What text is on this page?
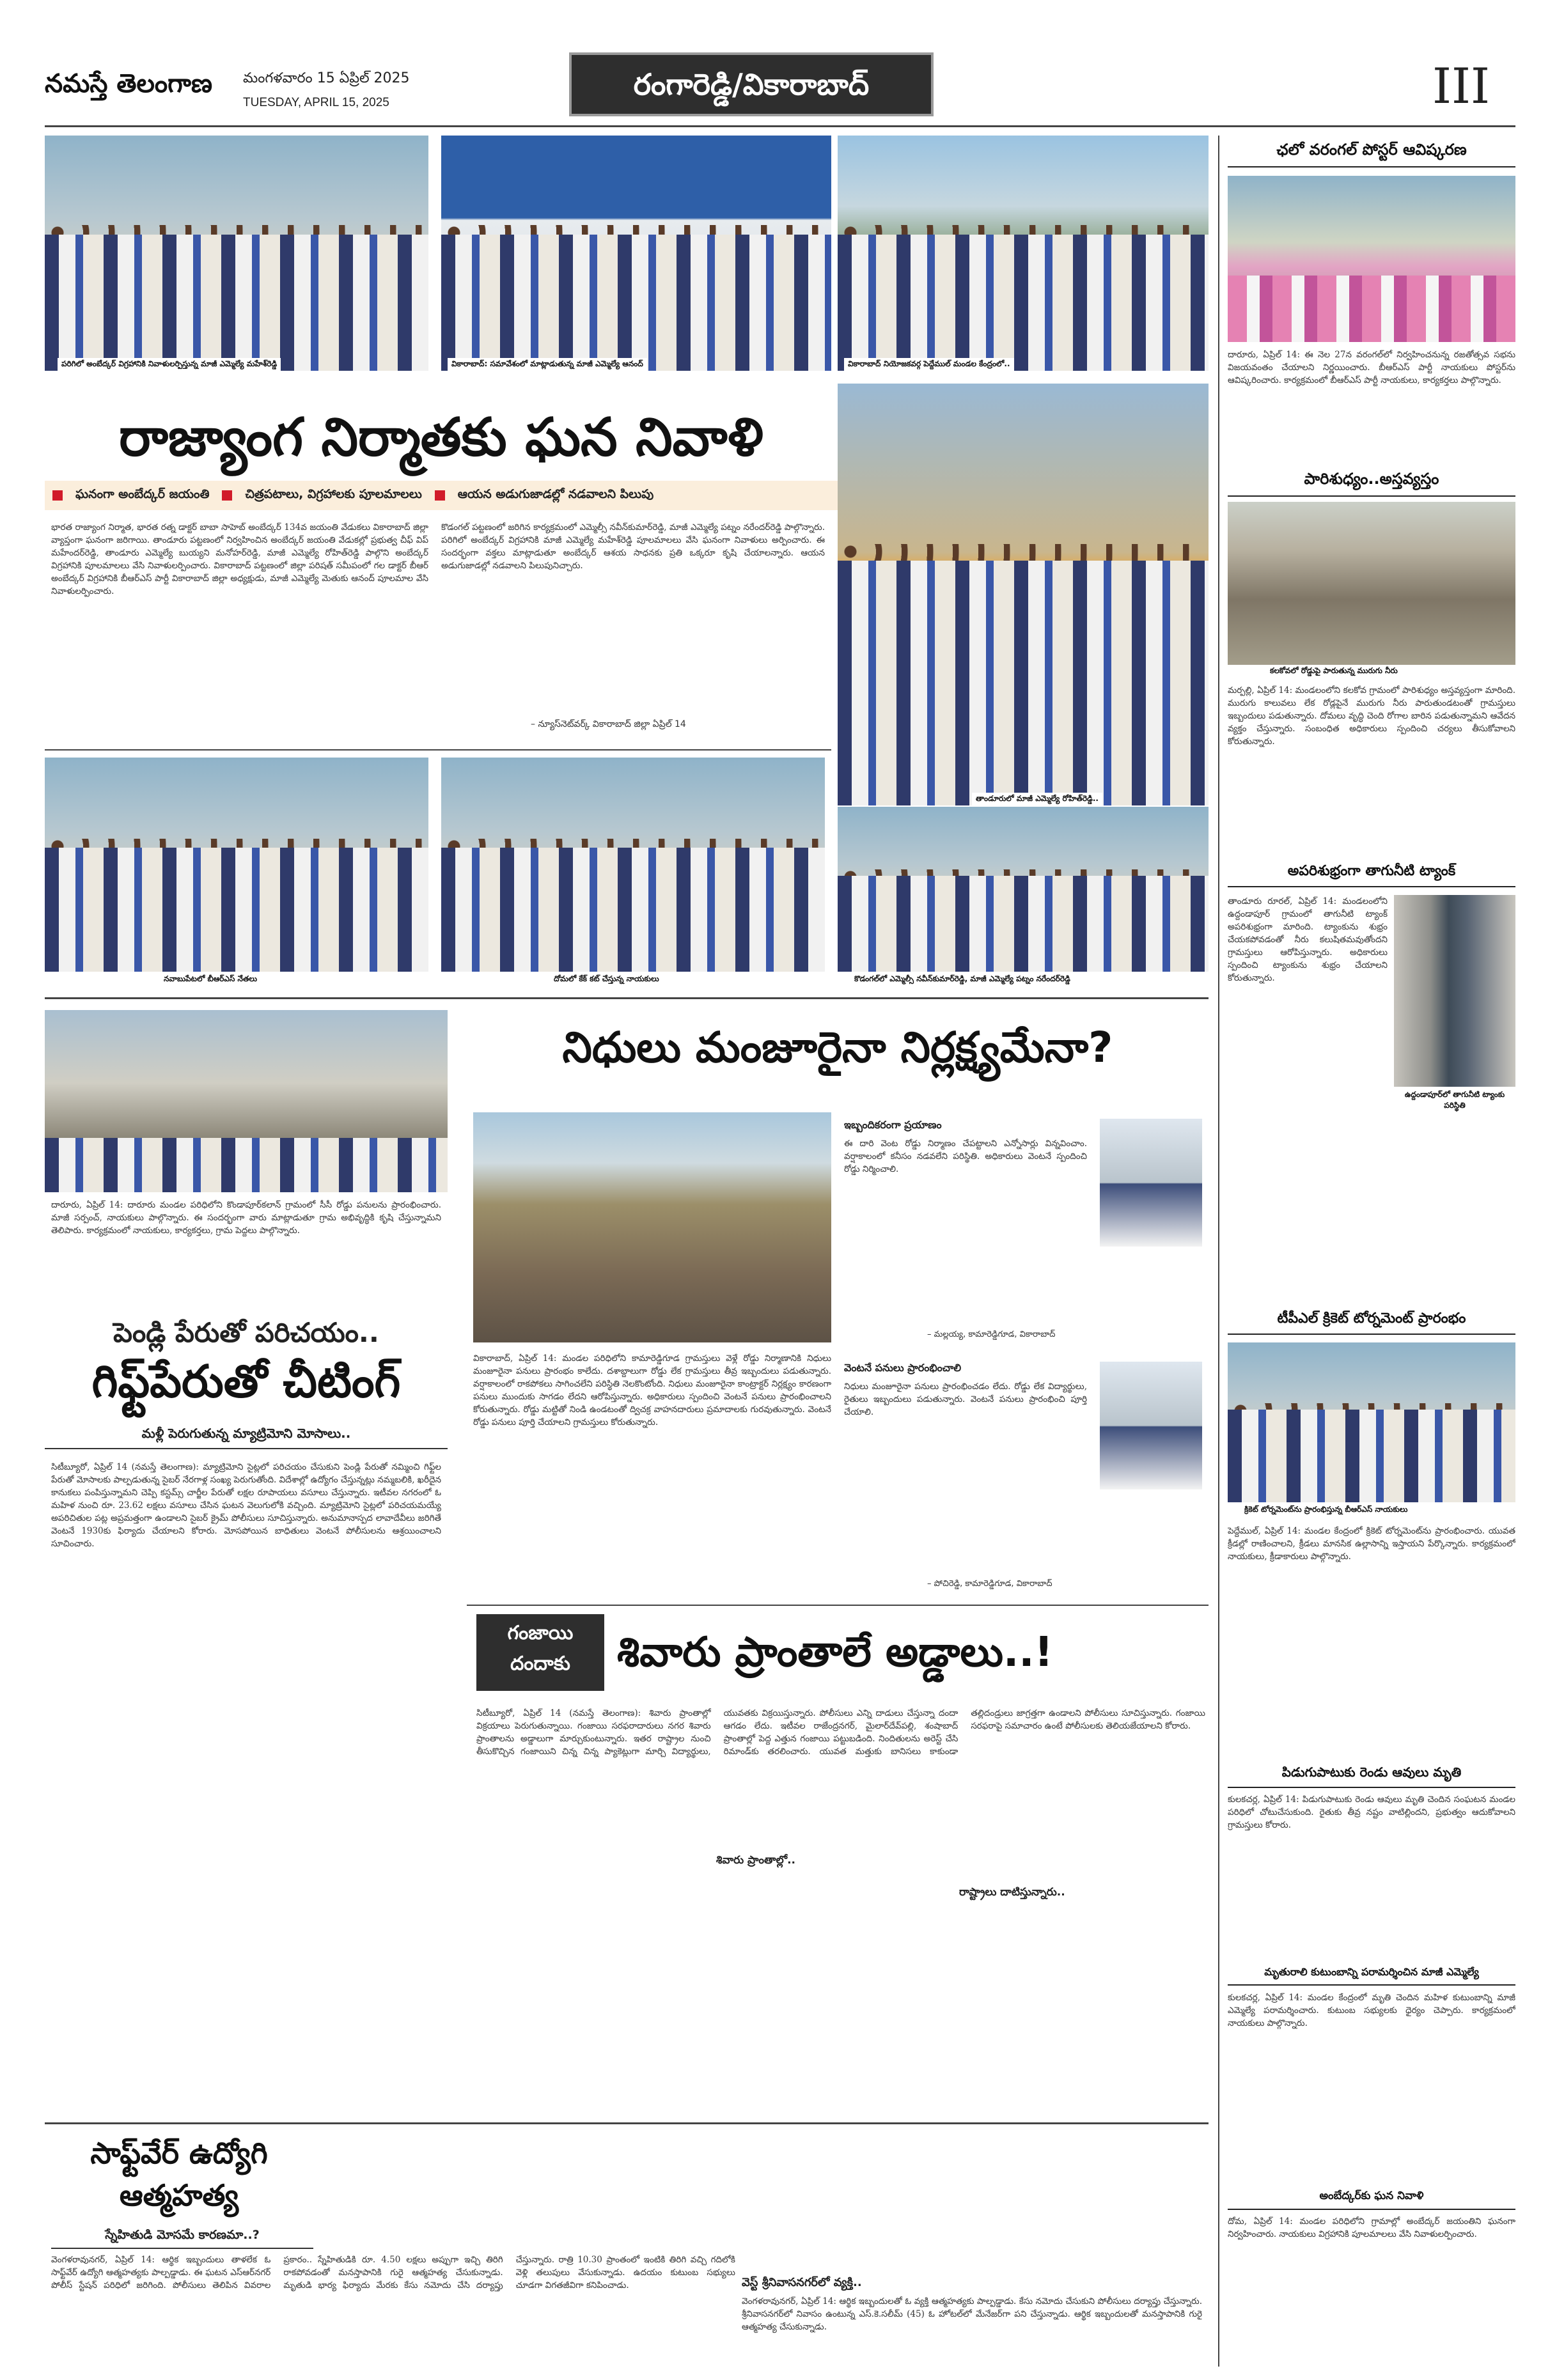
నమస్తే తెలంగాణ మంగళవారం 15 ఏప్రిల్ 2025
TUESDAY, APRIL 15, 2025
రంగారెడ్డి/వికారాబాద్	III
పరిగిలో అంబేద్కర్ విగ్రహానికి నివాళులర్పిస్తున్న మాజీ ఎమ్మెల్యే మహేశ్‌రెడ్డి	వికారాబాద్: సమావేశంలో మాట్లాడుతున్న మాజీ ఎమ్మెల్యే ఆనంద్	వికారాబాద్ నియోజకవర్గ పెద్దేముల్ మండల కేంద్రంలో..
రాజ్యాంగ నిర్మాతకు ఘన నివాళి
ఘనంగా అంబేద్కర్ జయంతి	చిత్రపటాలు, విగ్రహాలకు పూలమాలలు	ఆయన అడుగుజాడల్లో నడవాలని పిలుపు
భారత రాజ్యాంగ నిర్మాత, భారత రత్న డాక్టర్ బాబా సాహెబ్ అంబేద్కర్ 134వ జయంతి వేడుకలు వికారాబాద్ జిల్లా వ్యాప్తంగా ఘనంగా జరిగాయి. తాండూరు పట్టణంలో నిర్వహించిన అంబేద్కర్ జయంతి వేడుకల్లో ప్రభుత్వ చీఫ్ విప్ మహేందర్‌రెడ్డి, తాండూరు ఎమ్మెల్యే బుయ్యని మనోహర్‌రెడ్డి, మాజీ ఎమ్మెల్యే రోహిత్‌రెడ్డి పాల్గొని అంబేద్కర్ విగ్రహానికి పూలమాలలు వేసి నివాళులర్పించారు. వికారాబాద్ పట్టణంలో జిల్లా పరిషత్ సమీపంలో గల డాక్టర్ బీఆర్ అంబేద్కర్ విగ్రహానికి బీఆర్‌ఎస్ పార్టీ వికారాబాద్ జిల్లా అధ్యక్షుడు, మాజీ ఎమ్మెల్యే మెతుకు ఆనంద్ పూలమాల వేసి నివాళులర్పించారు.
కొడంగల్ పట్టణంలో జరిగిన కార్యక్రమంలో ఎమ్మెల్సీ నవీన్‌కుమార్‌రెడ్డి, మాజీ ఎమ్మెల్యే పట్నం నరేందర్‌రెడ్డి పాల్గొన్నారు. పరిగిలో అంబేద్కర్ విగ్రహానికి మాజీ ఎమ్మెల్యే మహేశ్‌రెడ్డి పూలమాలలు వేసి ఘనంగా నివాళులు అర్పించారు. ఈ సందర్భంగా వక్తలు మాట్లాడుతూ అంబేద్కర్ ఆశయ సాధనకు ప్రతి ఒక్కరూ కృషి చేయాలన్నారు. ఆయన అడుగుజాడల్లో నడవాలని పిలుపునిచ్చారు.
– న్యూస్‌నెట్‌వర్క్ వికారాబాద్ జిల్లా ఏప్రిల్ 14
తాండూరులో మాజీ ఎమ్మెల్యే రోహిత్‌రెడ్డి..
నవాబుపేటలో బీఆర్‌ఎస్ నేతలు	దోమలో కేక్ కట్ చేస్తున్న నాయకులు	కొడంగల్‌లో ఎమ్మెల్సీ నవీన్‌కుమార్‌రెడ్డి, మాజీ ఎమ్మెల్యే పట్నం నరేందర్‌రెడ్డి
దారూరు, ఏప్రిల్ 14: దారూరు మండల పరిధిలోని కొండాపూర్‌కలాన్ గ్రామంలో సీసీ రోడ్డు పనులను ప్రారంభించారు. మాజీ సర్పంచ్, నాయకులు పాల్గొన్నారు. ఈ సందర్భంగా వారు మాట్లాడుతూ గ్రామ అభివృద్ధికి కృషి చేస్తున్నామని తెలిపారు. కార్యక్రమంలో నాయకులు, కార్యకర్తలు, గ్రామ పెద్దలు పాల్గొన్నారు.
పెండ్లి పేరుతో పరిచయం..
గిఫ్ట్‌పేరుతో చీటింగ్
మళ్లీ పెరుగుతున్న మ్యాట్రిమోని మోసాలు..
సిటీబ్యూరో, ఏప్రిల్ 14 (నమస్తే తెలంగాణ): మ్యాట్రిమోని సైట్లలో పరిచయం చేసుకుని పెండ్లి పేరుతో నమ్మించి గిఫ్ట్‌ల పేరుతో మోసాలకు పాల్పడుతున్న సైబర్ నేరగాళ్ల సంఖ్య పెరుగుతోంది. విదేశాల్లో ఉద్యోగం చేస్తున్నట్లు నమ్మబలికి, ఖరీదైన కానుకలు పంపిస్తున్నామని చెప్పి కస్టమ్స్ చార్జీల పేరుతో లక్షల రూపాయలు వసూలు చేస్తున్నారు. ఇటీవల నగరంలో ఓ మహిళ నుంచి రూ. 23.62 లక్షలు వసూలు చేసిన ఘటన వెలుగులోకి వచ్చింది. మ్యాట్రిమోని సైట్లలో పరిచయమయ్యే అపరిచితుల పట్ల అప్రమత్తంగా ఉండాలని సైబర్ క్రైమ్ పోలీసులు సూచిస్తున్నారు. అనుమానాస్పద లావాదేవీలు జరిగితే వెంటనే 1930కు ఫిర్యాదు చేయాలని కోరారు. మోసపోయిన బాధితులు వెంటనే పోలీసులను ఆశ్రయించాలని సూచించారు.
నిధులు మంజూరైనా నిర్లక్ష్యమేనా?
వికారాబాద్, ఏప్రిల్ 14: మండల పరిధిలోని కామారెడ్డిగూడ గ్రామస్తులు వెళ్లే రోడ్డు నిర్మాణానికి నిధులు మంజూరైనా పనులు ప్రారంభం కాలేదు. దశాబ్దాలుగా రోడ్డు లేక గ్రామస్తులు తీవ్ర ఇబ్బందులు పడుతున్నారు. వర్షాకాలంలో రాకపోకలు సాగించలేని పరిస్థితి నెలకొంటోంది. నిధులు మంజూరైనా కాంట్రాక్టర్ నిర్లక్ష్యం కారణంగా పనులు ముందుకు సాగడం లేదని ఆరోపిస్తున్నారు. అధికారులు స్పందించి వెంటనే పనులు ప్రారంభించాలని కోరుతున్నారు. రోడ్డు మట్టితో నిండి ఉండటంతో ద్విచక్ర వాహనదారులు ప్రమాదాలకు గురవుతున్నారు. వెంటనే రోడ్డు పనులు పూర్తి చేయాలని గ్రామస్తులు కోరుతున్నారు.
ఇబ్బందికరంగా ప్రయాణం
ఈ దారి వెంట రోడ్డు నిర్మాణం చేపట్టాలని ఎన్నోసార్లు విన్నవించాం. వర్షాకాలంలో కనీసం నడవలేని పరిస్థితి. అధికారులు వెంటనే స్పందించి రోడ్డు నిర్మించాలి.
– మల్లయ్య, కామారెడ్డిగూడ, వికారాబాద్
వెంటనే పనులు ప్రారంభించాలి
నిధులు మంజూరైనా పనులు ప్రారంభించడం లేదు. రోడ్డు లేక విద్యార్థులు, రైతులు ఇబ్బందులు పడుతున్నారు. వెంటనే పనులు ప్రారంభించి పూర్తి చేయాలి.
– పోచిరెడ్డి, కామారెడ్డిగూడ, వికారాబాద్
గంజాయి
దందాకు	శివారు ప్రాంతాలే అడ్డాలు..!
సిటీబ్యూరో, ఏప్రిల్ 14 (నమస్తే తెలంగాణ): శివారు ప్రాంతాల్లో విక్రయాలు పెరుగుతున్నాయి. గంజాయి సరఫరాదారులు నగర శివారు ప్రాంతాలను అడ్డాలుగా మార్చుకుంటున్నారు. ఇతర రాష్ట్రాల నుంచి తీసుకొచ్చిన గంజాయిని చిన్న చిన్న ప్యాకెట్లుగా మార్చి విద్యార్థులు, యువతకు విక్రయిస్తున్నారు. పోలీసులు ఎన్ని దాడులు చేస్తున్నా దందా ఆగడం లేదు. ఇటీవల రాజేంద్రనగర్, మైలార్‌దేవ్‌పల్లి, శంషాబాద్ ప్రాంతాల్లో పెద్ద ఎత్తున గంజాయి పట్టుబడింది. నిందితులను అరెస్ట్ చేసి రిమాండ్‌కు తరలించారు. యువత మత్తుకు బానిసలు కాకుండా తల్లిదండ్రులు జాగ్రత్తగా ఉండాలని పోలీసులు సూచిస్తున్నారు. గంజాయి సరఫరాపై సమాచారం ఉంటే పోలీసులకు తెలియజేయాలని కోరారు.
శివారు ప్రాంతాల్లో..
రాష్ట్రాలు దాటిస్తున్నారు..
సాఫ్ట్‌వేర్ ఉద్యోగి ఆత్మహత్య
స్నేహితుడి మోసమే కారణమా..?
వెంగళరావునగర్, ఏప్రిల్ 14: ఆర్థిక ఇబ్బందులు తాళలేక ఓ సాఫ్ట్‌వేర్ ఉద్యోగి ఆత్మహత్యకు పాల్పడ్డాడు. ఈ ఘటన ఎస్‌ఆర్‌నగర్ పోలీస్ స్టేషన్ పరిధిలో జరిగింది. పోలీసులు తెలిపిన వివరాల ప్రకారం.. స్నేహితుడికి రూ. 4.50 లక్షలు అప్పుగా ఇచ్చి తిరిగి రాకపోవడంతో మనస్తాపానికి గురై ఆత్మహత్య చేసుకున్నాడు. మృతుడి భార్య ఫిర్యాదు మేరకు కేసు నమోదు చేసి దర్యాప్తు చేస్తున్నారు. రాత్రి 10.30 ప్రాంతంలో ఇంటికి తిరిగి వచ్చి గదిలోకి వెళ్లి తలుపులు వేసుకున్నాడు. ఉదయం కుటుంబ సభ్యులు చూడగా విగతజీవిగా కనిపించాడు.	వెస్ట్ శ్రీనివాసనగర్‌లో వ్యక్తి..
వెంగళరావునగర్, ఏప్రిల్ 14: ఆర్థిక ఇబ్బందులతో ఓ వ్యక్తి ఆత్మహత్యకు పాల్పడ్డాడు. కేసు నమోదు చేసుకుని పోలీసులు దర్యాప్తు చేస్తున్నారు. శ్రీనివాసనగర్‌లో నివాసం ఉంటున్న ఎస్.కె.సలీమ్ (45) ఓ హోటల్‌లో మేనేజర్‌గా పని చేస్తున్నాడు. ఆర్థిక ఇబ్బందులతో మనస్తాపానికి గురై ఆత్మహత్య చేసుకున్నాడు.
ఛలో వరంగల్ పోస్టర్ ఆవిష్కరణ
దారూరు, ఏప్రిల్ 14: ఈ నెల 27న వరంగల్‌లో నిర్వహించనున్న రజతోత్సవ సభను విజయవంతం చేయాలని నిర్ణయించారు. బీఆర్‌ఎస్ పార్టీ నాయకులు పోస్టర్‌ను ఆవిష్కరించారు. కార్యక్రమంలో బీఆర్‌ఎస్ పార్టీ నాయకులు, కార్యకర్తలు పాల్గొన్నారు.
పారిశుధ్యం..అస్తవ్యస్తం
కలకోవలో రోడ్డుపై పారుతున్న మురుగు నీరు
మర్పల్లి, ఏప్రిల్ 14: మండలంలోని కలకోవ గ్రామంలో పారిశుధ్యం అస్తవ్యస్తంగా మారింది. మురుగు కాలువలు లేక రోడ్లపైనే మురుగు నీరు పారుతుండటంతో గ్రామస్తులు ఇబ్బందులు పడుతున్నారు. దోమలు వృద్ధి చెంది రోగాల బారిన పడుతున్నామని ఆవేదన వ్యక్తం చేస్తున్నారు. సంబంధిత అధికారులు స్పందించి చర్యలు తీసుకోవాలని కోరుతున్నారు.
అపరిశుభ్రంగా తాగునీటి ట్యాంక్
తాండూరు రూరల్, ఏప్రిల్ 14: మండలంలోని ఉద్దండాపూర్ గ్రామంలో తాగునీటి ట్యాంక్ అపరిశుభ్రంగా మారింది. ట్యాంకును శుభ్రం చేయకపోవడంతో నీరు కలుషితమవుతోందని గ్రామస్తులు ఆరోపిస్తున్నారు. అధికారులు స్పందించి ట్యాంకును శుభ్రం చేయాలని కోరుతున్నారు.
ఉద్దండాపూర్‌లో తాగునీటి ట్యాంకు పరిస్థితి
టీపీఎల్ క్రికెట్ టోర్నమెంట్ ప్రారంభం
క్రికెట్ టోర్నమెంట్‌ను ప్రారంభిస్తున్న బీఆర్‌ఎస్ నాయకులు
పెద్దేముల్, ఏప్రిల్ 14: మండల కేంద్రంలో క్రికెట్ టోర్నమెంట్‌ను ప్రారంభించారు. యువత క్రీడల్లో రాణించాలని, క్రీడలు మానసిక ఉల్లాసాన్ని ఇస్తాయని పేర్కొన్నారు. కార్యక్రమంలో నాయకులు, క్రీడాకారులు పాల్గొన్నారు.
పిడుగుపాటుకు రెండు ఆవులు మృతి
కులకచర్ల, ఏప్రిల్ 14: పిడుగుపాటుకు రెండు ఆవులు మృతి చెందిన సంఘటన మండల పరిధిలో చోటుచేసుకుంది. రైతుకు తీవ్ర నష్టం వాటిల్లిందని, ప్రభుత్వం ఆదుకోవాలని గ్రామస్తులు కోరారు.
మృతురాలి కుటుంబాన్ని పరామర్శించిన మాజీ ఎమ్మెల్యే
కులకచర్ల, ఏప్రిల్ 14: మండల కేంద్రంలో మృతి చెందిన మహిళ కుటుంబాన్ని మాజీ ఎమ్మెల్యే పరామర్శించారు. కుటుంబ సభ్యులకు ధైర్యం చెప్పారు. కార్యక్రమంలో నాయకులు పాల్గొన్నారు.
అంబేద్కర్‌కు ఘన నివాళి
దోమ, ఏప్రిల్ 14: మండల పరిధిలోని గ్రామాల్లో అంబేద్కర్ జయంతిని ఘనంగా నిర్వహించారు. నాయకులు విగ్రహానికి పూలమాలలు వేసి నివాళులర్పించారు.
